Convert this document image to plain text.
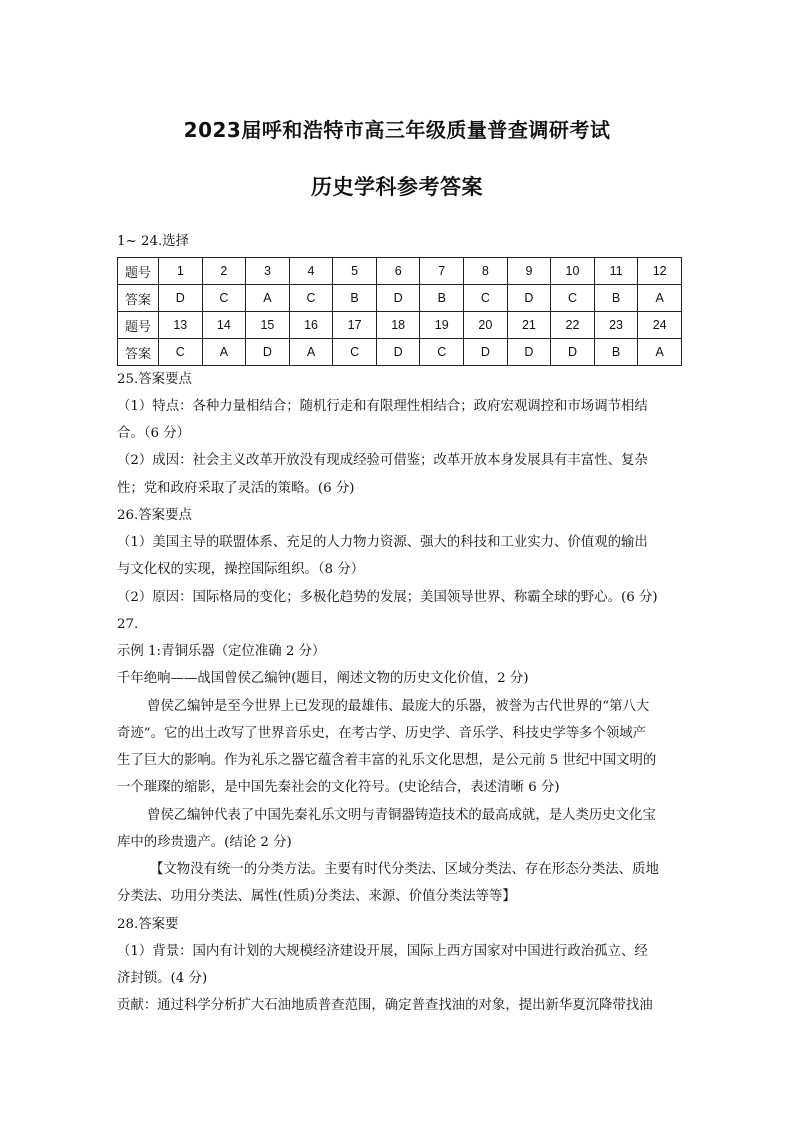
2023届呼和浩特市高三年级质量普查调研考试
历史学科参考答案
1~ 24.选择
题号	1	2	3	4	5	6	7	8	9	10	11	12
答案	D	C	A	C	B	D	B	C	D	C	B	A
题号	13	14	15	16	17	18	19	20	21	22	23	24
答案	C	A	D	A	C	D	C	D	D	D	B	A
25.答案要点
（1）特点：各种力量相结合；随机行走和有限理性相结合；政府宏观调控和市场调节相结
合。（6 分）
（2）成因：社会主义改革开放没有现成经验可借鉴；改革开放本身发展具有丰富性、复杂
性；党和政府采取了灵活的策略。(6 分)
26.答案要点
（1）美国主导的联盟体系、充足的人力物力资源、强大的科技和工业实力、价值观的输出
与文化权的实现，操控国际组织。（8 分）
（2）原因：国际格局的变化；多极化趋势的发展；美国领导世界、称霸全球的野心。(6 分)
27.
示例 1:青铜乐器（定位准确 2 分）
千年绝响——战国曾侯乙编钟(题目，阐述文物的历史文化价值，2 分)
曾侯乙编钟是至今世界上已发现的最雄伟、最庞大的乐器，被誉为古代世界的“第八大
奇迹”。它的出土改写了世界音乐史，在考古学、历史学、音乐学、科技史学等多个领域产
生了巨大的影响。作为礼乐之器它蕴含着丰富的礼乐文化思想，是公元前 5 世纪中国文明的
一个璀璨的缩影，是中国先秦社会的文化符号。(史论结合，表述清晰 6 分)
曾侯乙编钟代表了中国先秦礼乐文明与青铜器铸造技术的最高成就，是人类历史文化宝
库中的珍贵遗产。(结论 2 分)
【文物没有统一的分类方法。主要有时代分类法、区域分类法、存在形态分类法、质地
分类法、功用分类法、属性(性质)分类法、来源、价值分类法等等】
28.答案要
（1）背景：国内有计划的大规模经济建设开展，国际上西方国家对中国进行政治孤立、经
济封锁。(4 分)
贡献：通过科学分析扩大石油地质普查范围，确定普查找油的对象，提出新华夏沉降带找油
